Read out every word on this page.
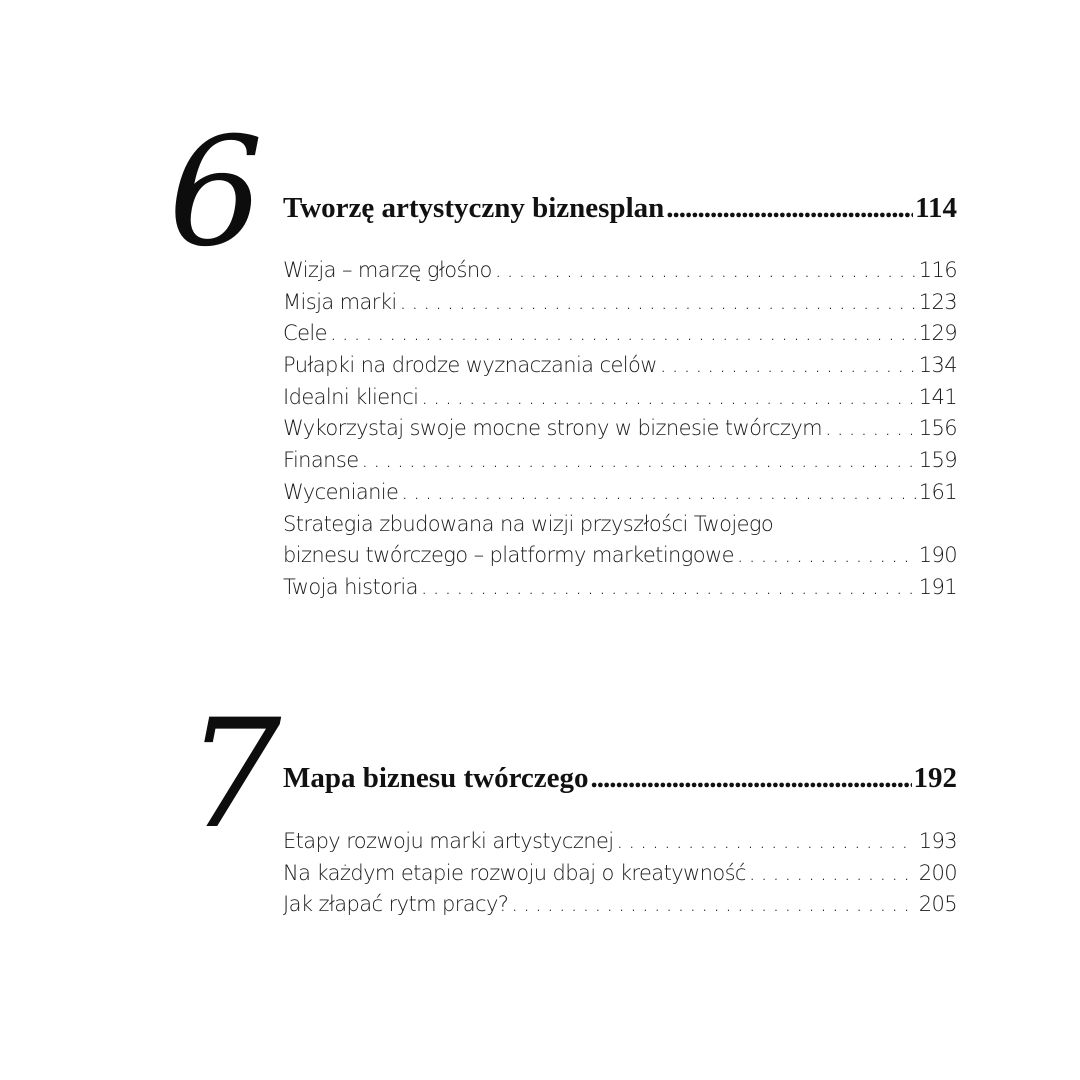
6 Tworzę artystyczny biznesplan .....	114
Wizja – marzę głośno .....	116
Misja marki .....	123
Cele .....	129
Pułapki na drodze wyznaczania celów .....	134
Idealni klienci .....	141
Wykorzystaj swoje mocne strony w biznesie twórczym .....	156
Finanse .....	159
Wycenianie .....	161
Strategia zbudowana na wizji przyszłości Twojego
biznesu twórczego – platformy marketingowe .....	190
Twoja historia .....	191
7 Mapa biznesu twórczego .....	192
Etapy rozwoju marki artystycznej .....	193
Na każdym etapie rozwoju dbaj o kreatywność .....	200
Jak złapać rytm pracy? .....	205
